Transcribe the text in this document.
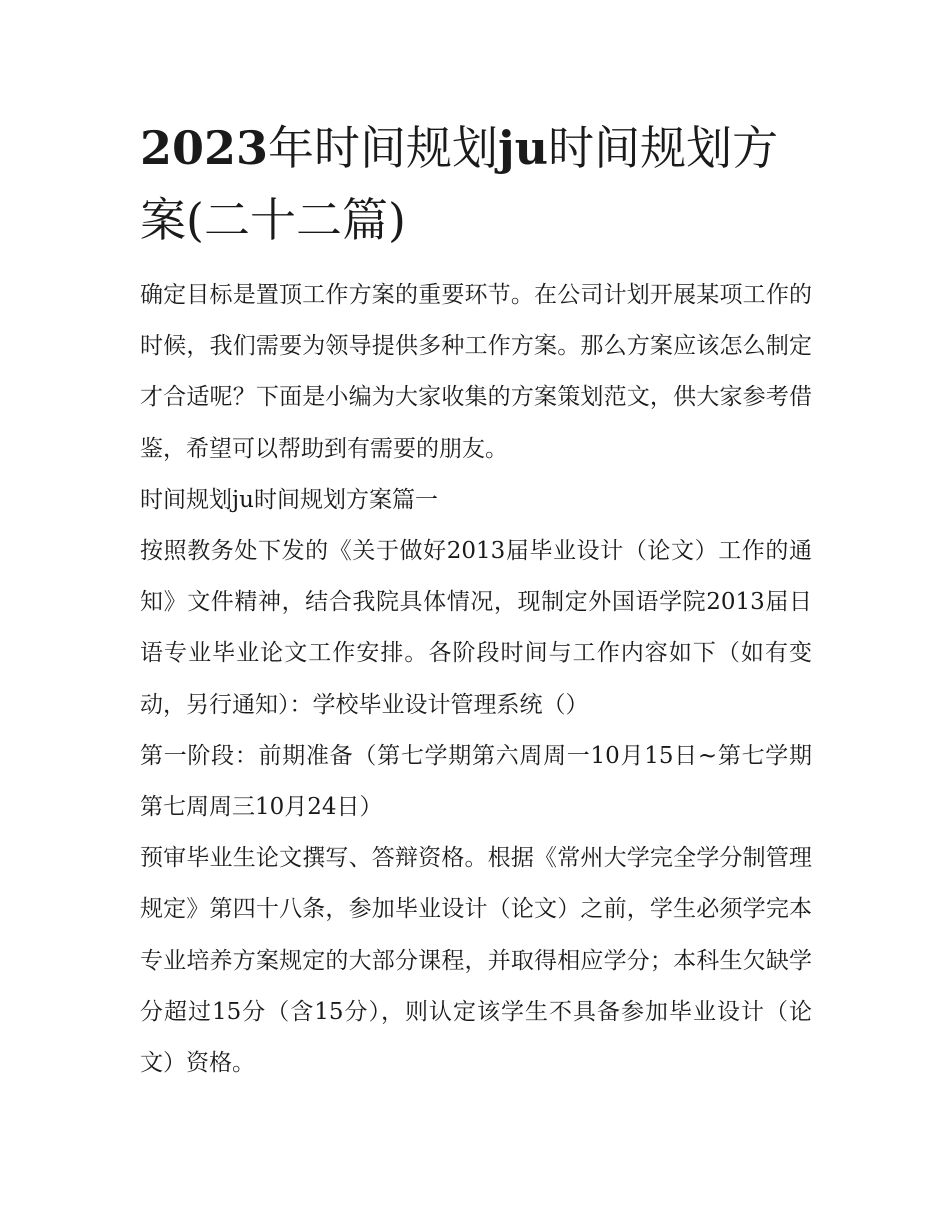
2023年时间规划ju时间规划方案(二十二篇)

确定目标是置顶工作方案的重要环节。在公司计划开展某项工作的时候，我们需要为领导提供多种工作方案。那么方案应该怎么制定才合适呢？下面是小编为大家收集的方案策划范文，供大家参考借鉴，希望可以帮助到有需要的朋友。

时间规划ju时间规划方案篇一

按照教务处下发的《关于做好2013届毕业设计（论文）工作的通知》文件精神，结合我院具体情况，现制定外国语学院2013届日语专业毕业论文工作安排。各阶段时间与工作内容如下（如有变动，另行通知）：学校毕业设计管理系统（）

第一阶段：前期准备（第七学期第六周周一10月15日~第七学期第七周周三10月24日）

预审毕业生论文撰写、答辩资格。根据《常州大学完全学分制管理规定》第四十八条，参加毕业设计（论文）之前，学生必须学完本专业培养方案规定的大部分课程，并取得相应学分；本科生欠缺学分超过15分（含15分），则认定该学生不具备参加毕业设计（论文）资格。
